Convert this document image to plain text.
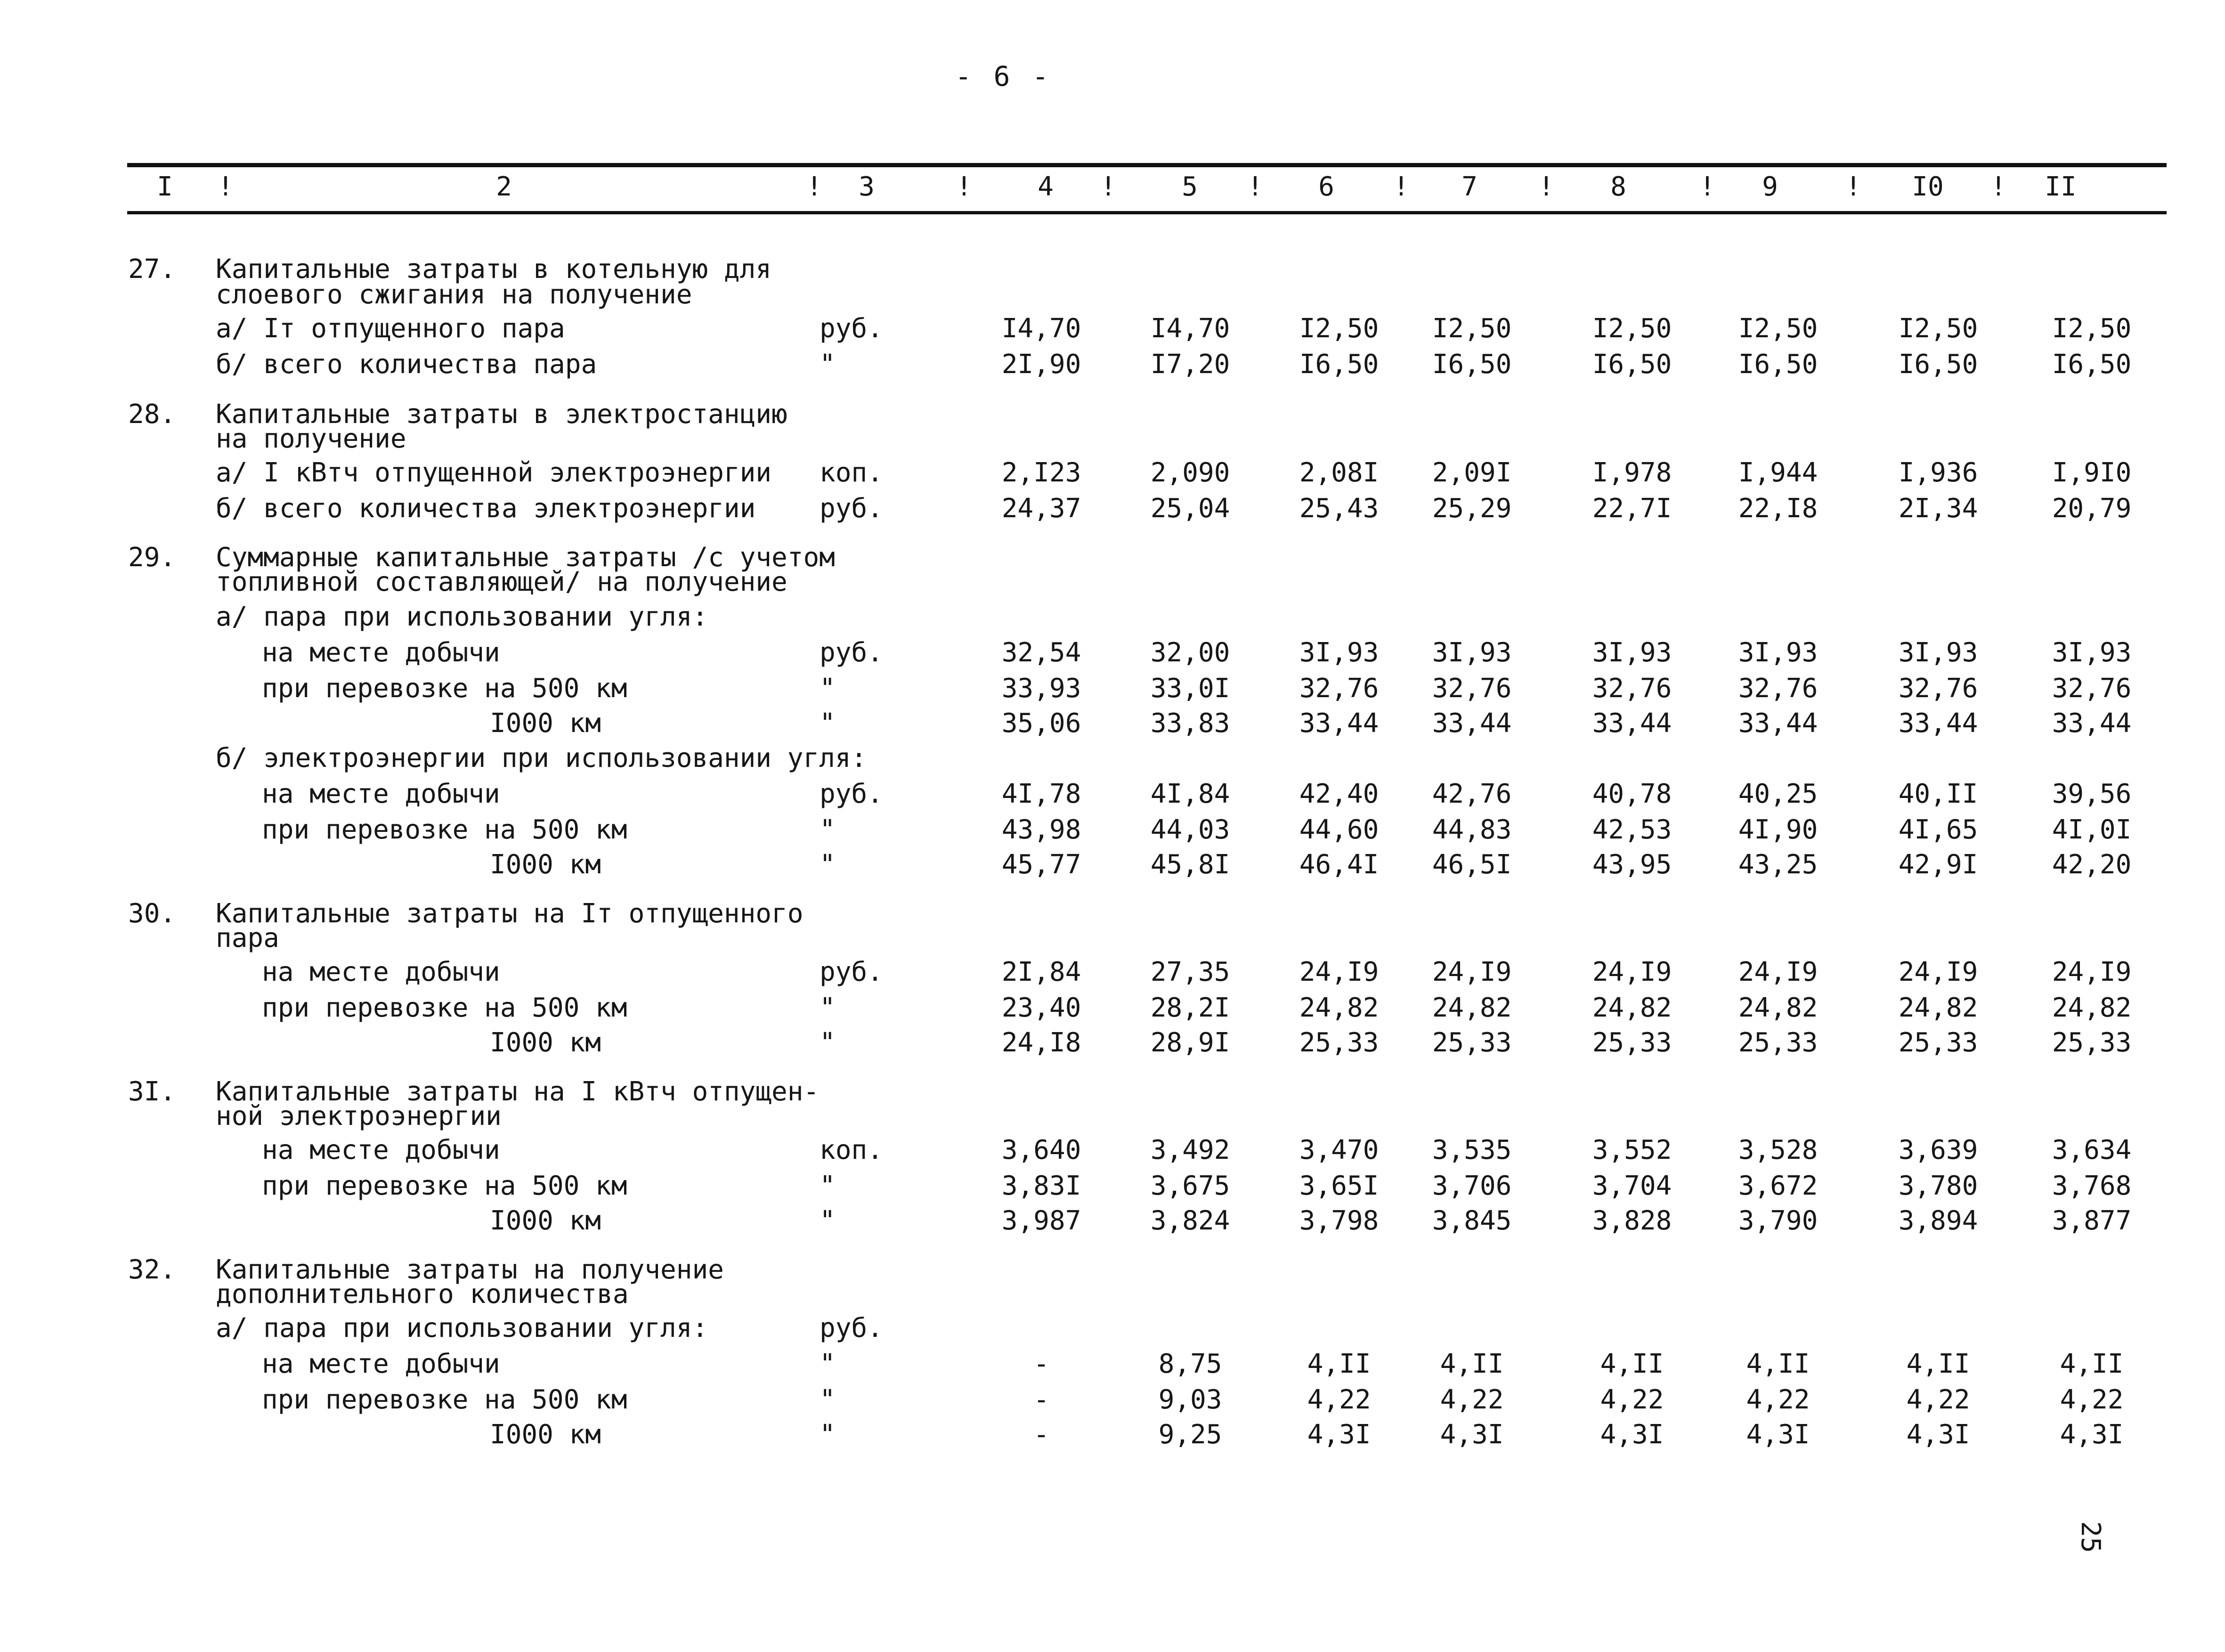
- 6 -
I !	2	!	3	!	4	!	5	!	6	!	7	!	8	!	9	!	I0	!	II
27.	Капитальные затраты в котельную для
слоевого сжигания на получение
а/ Iт отпущенного пара	руб.	I4,70	I4,70	I2,50	I2,50	I2,50	I2,50	I2,50	I2,50
б/ всего количества пара	"	2I,90	I7,20	I6,50	I6,50	I6,50	I6,50	I6,50	I6,50
28.	Капитальные затраты в электростанцию
на получение
а/ I кВтч отпущенной электроэнергии коп.	2,I23	2,090	2,08I	2,09I	I,978	I,944	I,936	I,9I0
б/ всего количества электроэнергии руб.	24,37	25,04	25,43	25,29	22,7I	22,I8	2I,34	20,79
29.	Суммарные капитальные затраты /с учетом
топливной составляющей/ на получение
а/ пара при использовании угля:
на месте добычи	руб.	32,54	32,00	3I,93	3I,93	3I,93	3I,93	3I,93	3I,93
при перевозке на 500 км	"	33,93	33,0I	32,76	32,76	32,76	32,76	32,76	32,76
I000 км	"	35,06	33,83	33,44	33,44	33,44	33,44	33,44	33,44
б/ электроэнергии при использовании угля:
на месте добычи	руб.	4I,78	4I,84	42,40	42,76	40,78	40,25	40,II	39,56
при перевозке на 500 км	"	43,98	44,03	44,60	44,83	42,53	4I,90	4I,65	4I,0I
I000 км	"	45,77	45,8I	46,4I	46,5I	43,95	43,25	42,9I	42,20
30.	Капитальные затраты на Iт отпущенного
пара
на месте добычи	руб.	2I,84	27,35	24,I9	24,I9	24,I9	24,I9	24,I9	24,I9
при перевозке на 500 км	"	23,40	28,2I	24,82	24,82	24,82	24,82	24,82	24,82
I000 км	"	24,I8	28,9I	25,33	25,33	25,33	25,33	25,33	25,33
3I.	Капитальные затраты на I кВтч отпущен-
ной электроэнергии
на месте добычи	коп.	3,640	3,492	3,470	3,535	3,552	3,528	3,639	3,634
при перевозке на 500 км	"	3,83I	3,675	3,65I	3,706	3,704	3,672	3,780	3,768
I000 км	"	3,987	3,824	3,798	3,845	3,828	3,790	3,894	3,877
32.	Капитальные затраты на получение
дополнительного количества
а/ пара при использовании угля:	руб.
на месте добычи	"	-	8,75	4,II	4,II	4,II	4,II	4,II	4,II
при перевозке на 500 км	"	-	9,03	4,22	4,22	4,22	4,22	4,22	4,22
I000 км	"	-	9,25	4,3I	4,3I	4,3I	4,3I	4,3I	4,3I
25
